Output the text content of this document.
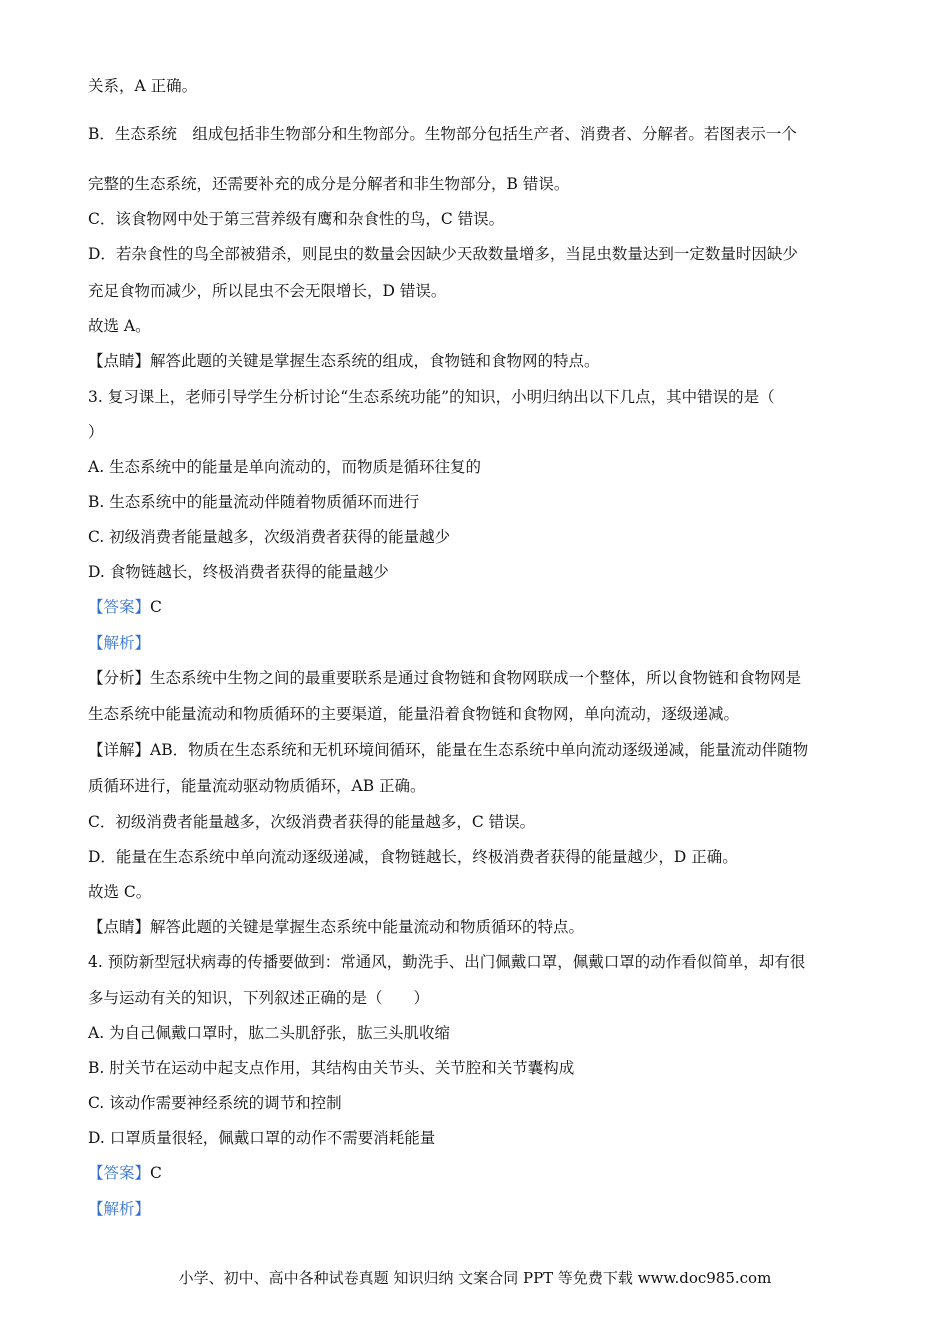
关系，A 正确。
B．生态系统　组成包括非生物部分和生物部分。生物部分包括生产者、消费者、分解者。若图表示一个
完整的生态系统，还需要补充的成分是分解者和非生物部分，B 错误。
C．该食物网中处于第三营养级有鹰和杂食性的鸟，C 错误。
D．若杂食性的鸟全部被猎杀，则昆虫的数量会因缺少天敌数量增多，当昆虫数量达到一定数量时因缺少
充足食物而减少，所以昆虫不会无限增长，D 错误。
故选 A。
【点睛】解答此题的关键是掌握生态系统的组成，食物链和食物网的特点。
3. 复习课上，老师引导学生分析讨论“生态系统功能”的知识，小明归纳出以下几点，其中错误的是（
）
A. 生态系统中的能量是单向流动的，而物质是循环往复的
B. 生态系统中的能量流动伴随着物质循环而进行
C. 初级消费者能量越多，次级消费者获得的能量越少
D. 食物链越长，终极消费者获得的能量越少
【答案】C
【解析】
【分析】生态系统中生物之间的最重要联系是通过食物链和食物网联成一个整体，所以食物链和食物网是
生态系统中能量流动和物质循环的主要渠道，能量沿着食物链和食物网，单向流动，逐级递减。
【详解】AB．物质在生态系统和无机环境间循环，能量在生态系统中单向流动逐级递减，能量流动伴随物
质循环进行，能量流动驱动物质循环，AB 正确。
C．初级消费者能量越多，次级消费者获得的能量越多，C 错误。
D．能量在生态系统中单向流动逐级递减，食物链越长，终极消费者获得的能量越少，D 正确。
故选 C。
【点睛】解答此题的关键是掌握生态系统中能量流动和物质循环的特点。
4. 预防新型冠状病毒的传播要做到：常通风，勤洗手、出门佩戴口罩，佩戴口罩的动作看似简单，却有很
多与运动有关的知识，下列叙述正确的是（　　）
A. 为自己佩戴口罩时，肱二头肌舒张，肱三头肌收缩
B. 肘关节在运动中起支点作用，其结构由关节头、关节腔和关节囊构成
C. 该动作需要神经系统的调节和控制
D. 口罩质量很轻，佩戴口罩的动作不需要消耗能量
【答案】C
【解析】
小学、初中、高中各种试卷真题 知识归纳 文案合同 PPT 等免费下载 www.doc985.com
